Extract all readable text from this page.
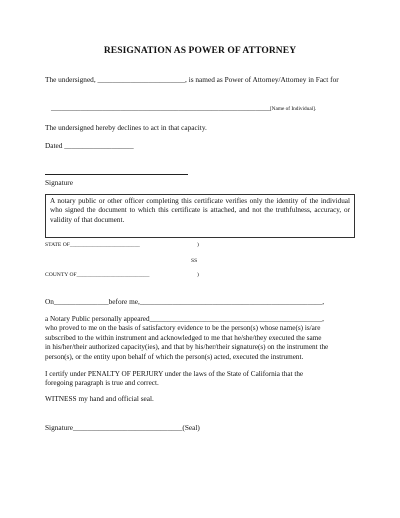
RESIGNATION AS POWER OF ATTORNEY
The undersigned, ________________________, is named as Power of Attorney/Attorney in Fact for
____________________________________________________________[Name of Individual].
The undersigned hereby declines to act in that capacity.
Dated ___________________
Signature
A notary public or other officer completing this certificate verifies only the identity of the individual who signed the document to which this certificate is attached, and not the truthfulness, accuracy, or validity of that document.
STATE OF_________________________	)
SS
COUNTY OF__________________________	)
On_______________before me,__________________________________________________,
a Notary Public personally appeared________________________________________________,
who proved to me on the basis of satisfactory evidence to be the person(s) whose name(s) is/are
subscribed to the within instrument and acknowledged to me that he/she/they executed the same
in his/her/their authorized capacity(ies), and that by his/her/their signature(s) on the instrument the
person(s), or the entity upon behalf of which the person(s) acted, executed the instrument.
I certify under PENALTY OF PERJURY under the laws of the State of California that the
foregoing paragraph is true and correct.
WITNESS my hand and official seal.
Signature______________________________(Seal)
